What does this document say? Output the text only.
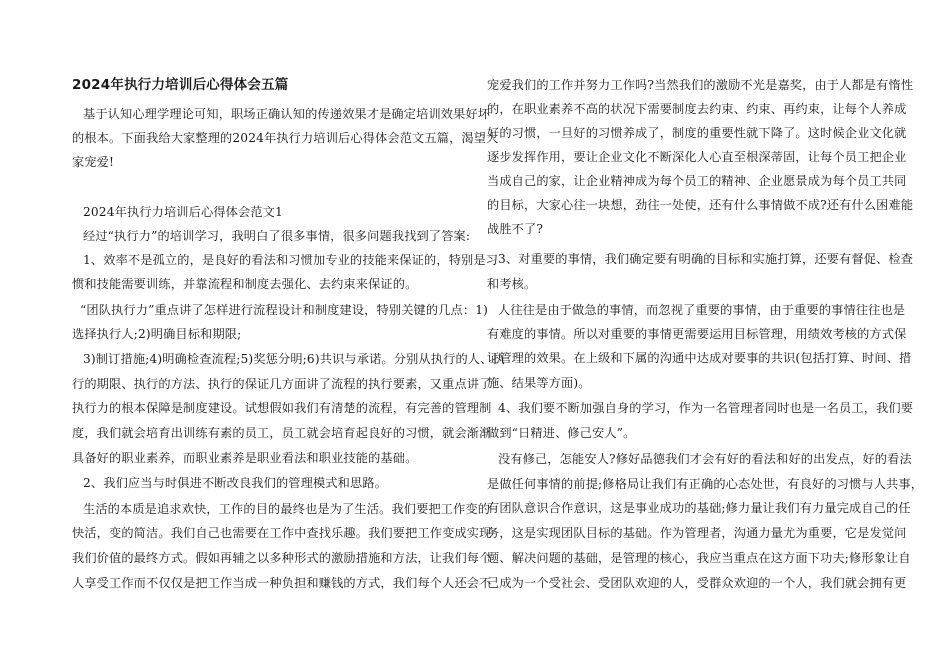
2024年执行力培训后心得体会五篇
基于认知心理学理论可知，职场正确认知的传递效果才是确定培训效果好坏
的根本。下面我给大家整理的2024年执行力培训后心得体会范文五篇，渴望大
家宠爱!
2024年执行力培训后心得体会范文1
经过“执行力”的培训学习，我明白了很多事情，很多问题我找到了答案:
1、效率不是孤立的，是良好的看法和习惯加专业的技能来保证的，特别是习
惯和技能需要训练，并靠流程和制度去强化、去约束来保证的。
“团队执行力”重点讲了怎样进行流程设计和制度建设，特别关键的几点：1)
选择执行人;2)明确目标和期限;
3)制订措施;4)明确检查流程;5)奖惩分明;6)共识与承诺。分别从执行的人、执
行的期限、执行的方法、执行的保证几方面讲了流程的执行要素，又重点讲了
执行力的根本保障是制度建设。试想假如我们有清楚的流程，有完善的管理制
度，我们就会培育出训练有素的员工，员工就会培育起良好的习惯，就会渐渐
具备好的职业素养，而职业素养是职业看法和职业技能的基础。
2、我们应当与时俱进不断改良我们的管理模式和思路。
生活的本质是追求欢快，工作的目的最终也是为了生活。我们要把工作变的
快活，变的简洁。我们自己也需要在工作中查找乐趣。我们要把工作变成实现
我们价值的最终方式。假如再辅之以多种形式的激励措施和方法，让我们每个
人享受工作而不仅仅是把工作当成一种负担和赚钱的方式，我们每个人还会不
宠爱我们的工作并努力工作吗?当然我们的激励不光是嘉奖，由于人都是有惰性
的，在职业素养不高的状况下需要制度去约束、约束、再约束，让每个人养成
好的习惯，一旦好的习惯养成了，制度的重要性就下降了。这时候企业文化就
逐步发挥作用，要让企业文化不断深化人心直至根深蒂固，让每个员工把企业
当成自己的家，让企业精神成为每个员工的精神、企业愿景成为每个员工共同
的目标，大家心往一块想，劲往一处使，还有什么事情做不成?还有什么困难能
战胜不了?
3、对重要的事情，我们确定要有明确的目标和实施打算，还要有督促、检查
和考核。
人往往是由于做急的事情，而忽视了重要的事情，由于重要的事情往往也是
有难度的事情。所以对重要的事情更需要运用目标管理，用绩效考核的方式保
证管理的效果。在上级和下属的沟通中达成对要事的共识(包括打算、时间、措
施、结果等方面)。
4、我们要不断加强自身的学习，作为一名管理者同时也是一名员工，我们要
做到“日精进、修己安人”。
没有修己，怎能安人?修好品德我们才会有好的看法和好的出发点，好的看法
是做任何事情的前提;修格局让我们有正确的心态处世，有良好的习惯与人共事，
有团队意识合作意识，这是事业成功的基础;修力量让我们有力量完成自己的任
务，这是实现团队目标的基础。作为管理者，沟通力量尤为重要，它是发觉问
题、解决问题的基础，是管理的核心，我应当重点在这方面下功夫;修形象让自
己成为一个受社会、受团队欢迎的人，受群众欢迎的一个人，我们就会拥有更
